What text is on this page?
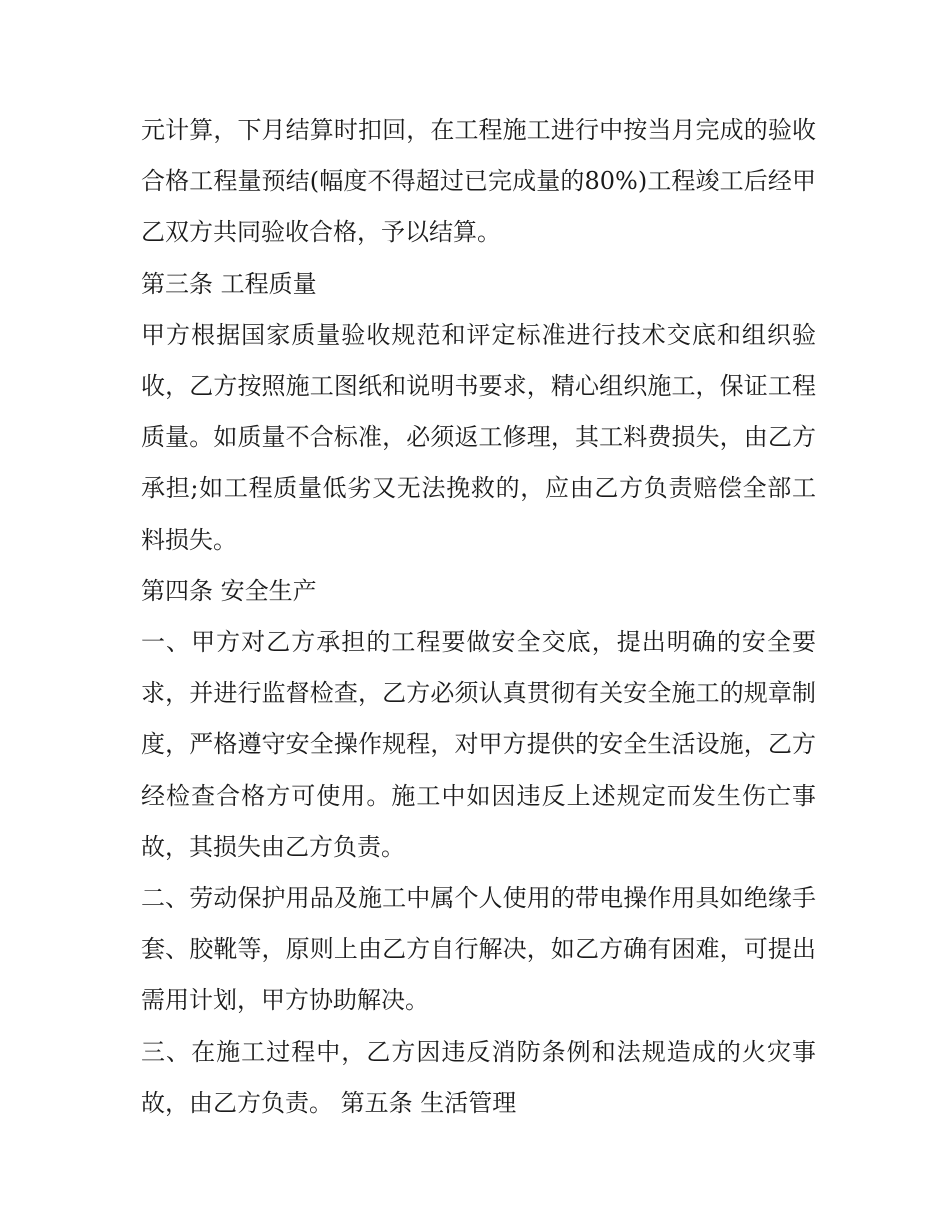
元计算，下月结算时扣回，在工程施工进行中按当月完成的验收合格工程量预结(幅度不得超过已完成量的80%)工程竣工后经甲乙双方共同验收合格，予以结算。

第三条 工程质量

甲方根据国家质量验收规范和评定标准进行技术交底和组织验收，乙方按照施工图纸和说明书要求，精心组织施工，保证工程质量。如质量不合标准，必须返工修理，其工料费损失，由乙方承担;如工程质量低劣又无法挽救的，应由乙方负责赔偿全部工料损失。

第四条 安全生产

一、甲方对乙方承担的工程要做安全交底，提出明确的安全要求，并进行监督检查，乙方必须认真贯彻有关安全施工的规章制度，严格遵守安全操作规程，对甲方提供的安全生活设施，乙方经检查合格方可使用。施工中如因违反上述规定而发生伤亡事故，其损失由乙方负责。

二、劳动保护用品及施工中属个人使用的带电操作用具如绝缘手套、胶靴等，原则上由乙方自行解决，如乙方确有困难，可提出需用计划，甲方协助解决。

三、在施工过程中，乙方因违反消防条例和法规造成的火灾事故，由乙方负责。 第五条 生活管理
